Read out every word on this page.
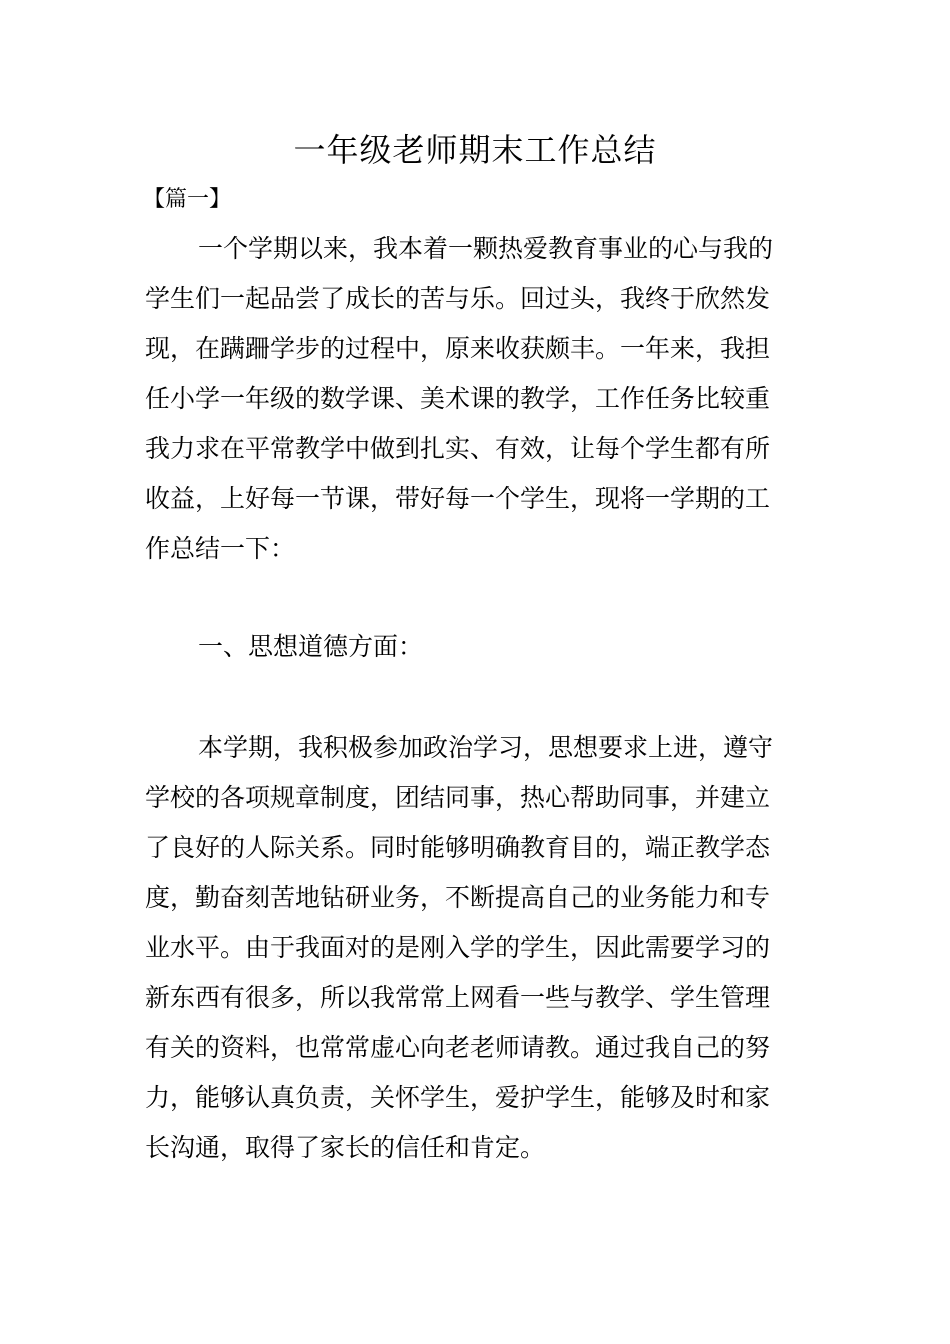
一年级老师期末工作总结

【篇一】

一个学期以来，我本着一颗热爱教育事业的心与我的

学生们一起品尝了成长的苦与乐。回过头，我终于欣然发

现，在蹒跚学步的过程中，原来收获颇丰。一年来，我担

任小学一年级的数学课、美术课的教学，工作任务比较重

我力求在平常教学中做到扎实、有效，让每个学生都有所

收益，上好每一节课，带好每一个学生，现将一学期的工

作总结一下：

一、思想道德方面：

本学期，我积极参加政治学习，思想要求上进，遵守

学校的各项规章制度，团结同事，热心帮助同事，并建立

了良好的人际关系。同时能够明确教育目的，端正教学态

度，勤奋刻苦地钻研业务，不断提高自己的业务能力和专

业水平。由于我面对的是刚入学的学生，因此需要学习的

新东西有很多，所以我常常上网看一些与教学、学生管理

有关的资料，也常常虚心向老老师请教。通过我自己的努

力，能够认真负责，关怀学生，爱护学生，能够及时和家

长沟通，取得了家长的信任和肯定。
